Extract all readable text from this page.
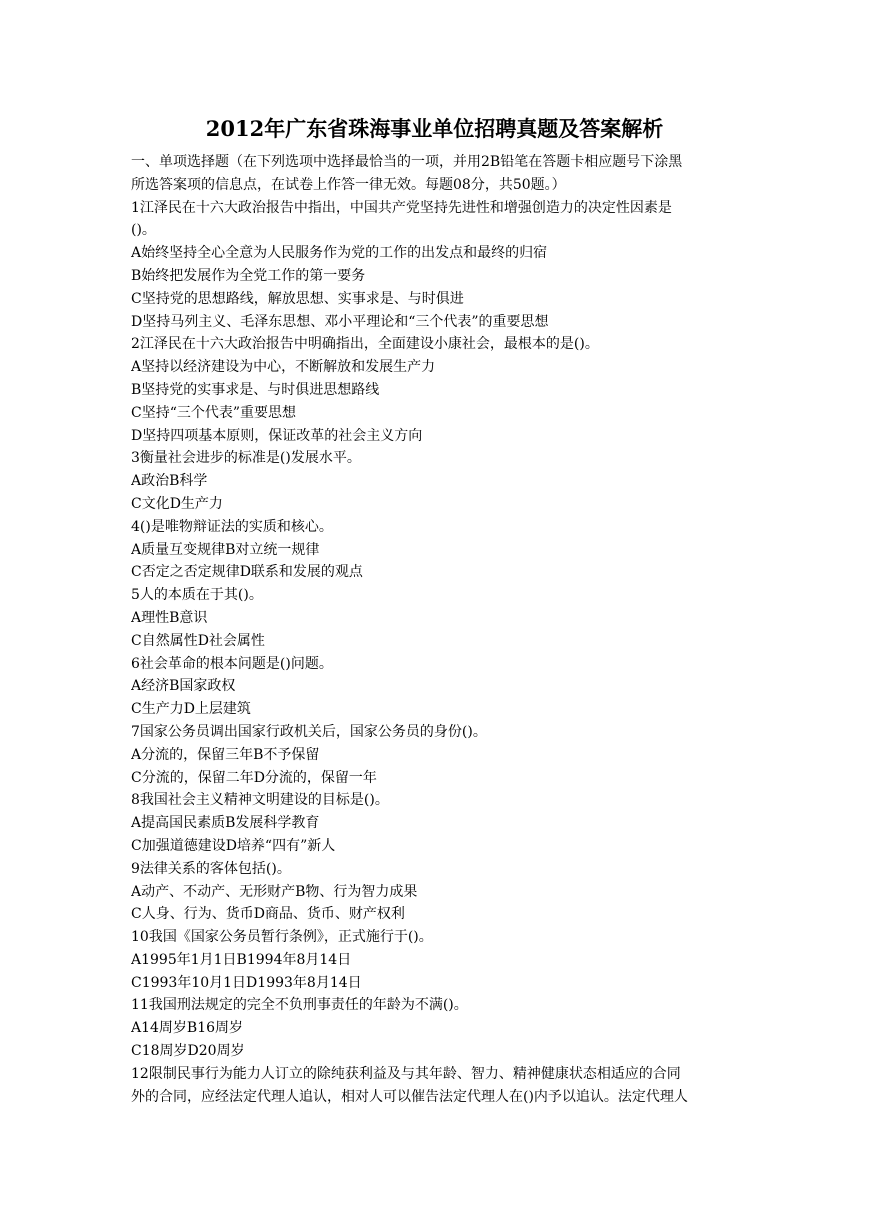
2012年广东省珠海事业单位招聘真题及答案解析
一、单项选择题（在下列选项中选择最恰当的一项，并用2B铅笔在答题卡相应题号下涂黑
所选答案项的信息点，在试卷上作答一律无效。每题08分，共50题。）
1江泽民在十六大政治报告中指出，中国共产党坚持先进性和增强创造力的决定性因素是
()。
A始终坚持全心全意为人民服务作为党的工作的出发点和最终的归宿
B始终把发展作为全党工作的第一要务
C坚持党的思想路线，解放思想、实事求是、与时俱进
D坚持马列主义、毛泽东思想、邓小平理论和“三个代表”的重要思想
2江泽民在十六大政治报告中明确指出，全面建设小康社会，最根本的是()。
A坚持以经济建设为中心，不断解放和发展生产力
B坚持党的实事求是、与时俱进思想路线
C坚持“三个代表”重要思想
D坚持四项基本原则，保证改革的社会主义方向
3衡量社会进步的标准是()发展水平。
A政治B科学
C文化D生产力
4()是唯物辩证法的实质和核心。
A质量互变规律B对立统一规律
C否定之否定规律D联系和发展的观点
5人的本质在于其()。
A理性B意识
C自然属性D社会属性
6社会革命的根本问题是()问题。
A经济B国家政权
C生产力D上层建筑
7国家公务员调出国家行政机关后，国家公务员的身份()。
A分流的，保留三年B不予保留
C分流的，保留二年D分流的，保留一年
8我国社会主义精神文明建设的目标是()。
A提高国民素质B发展科学教育
C加强道德建设D培养“四有”新人
9法律关系的客体包括()。
A动产、不动产、无形财产B物、行为智力成果
C人身、行为、货币D商品、货币、财产权利
10我国《国家公务员暂行条例》，正式施行于()。
A1995年1月1日B1994年8月14日
C1993年10月1日D1993年8月14日
11我国刑法规定的完全不负刑事责任的年龄为不满()。
A14周岁B16周岁
C18周岁D20周岁
12限制民事行为能力人订立的除纯获利益及与其年龄、智力、精神健康状态相适应的合同
外的合同，应经法定代理人追认，相对人可以催告法定代理人在()内予以追认。法定代理人
